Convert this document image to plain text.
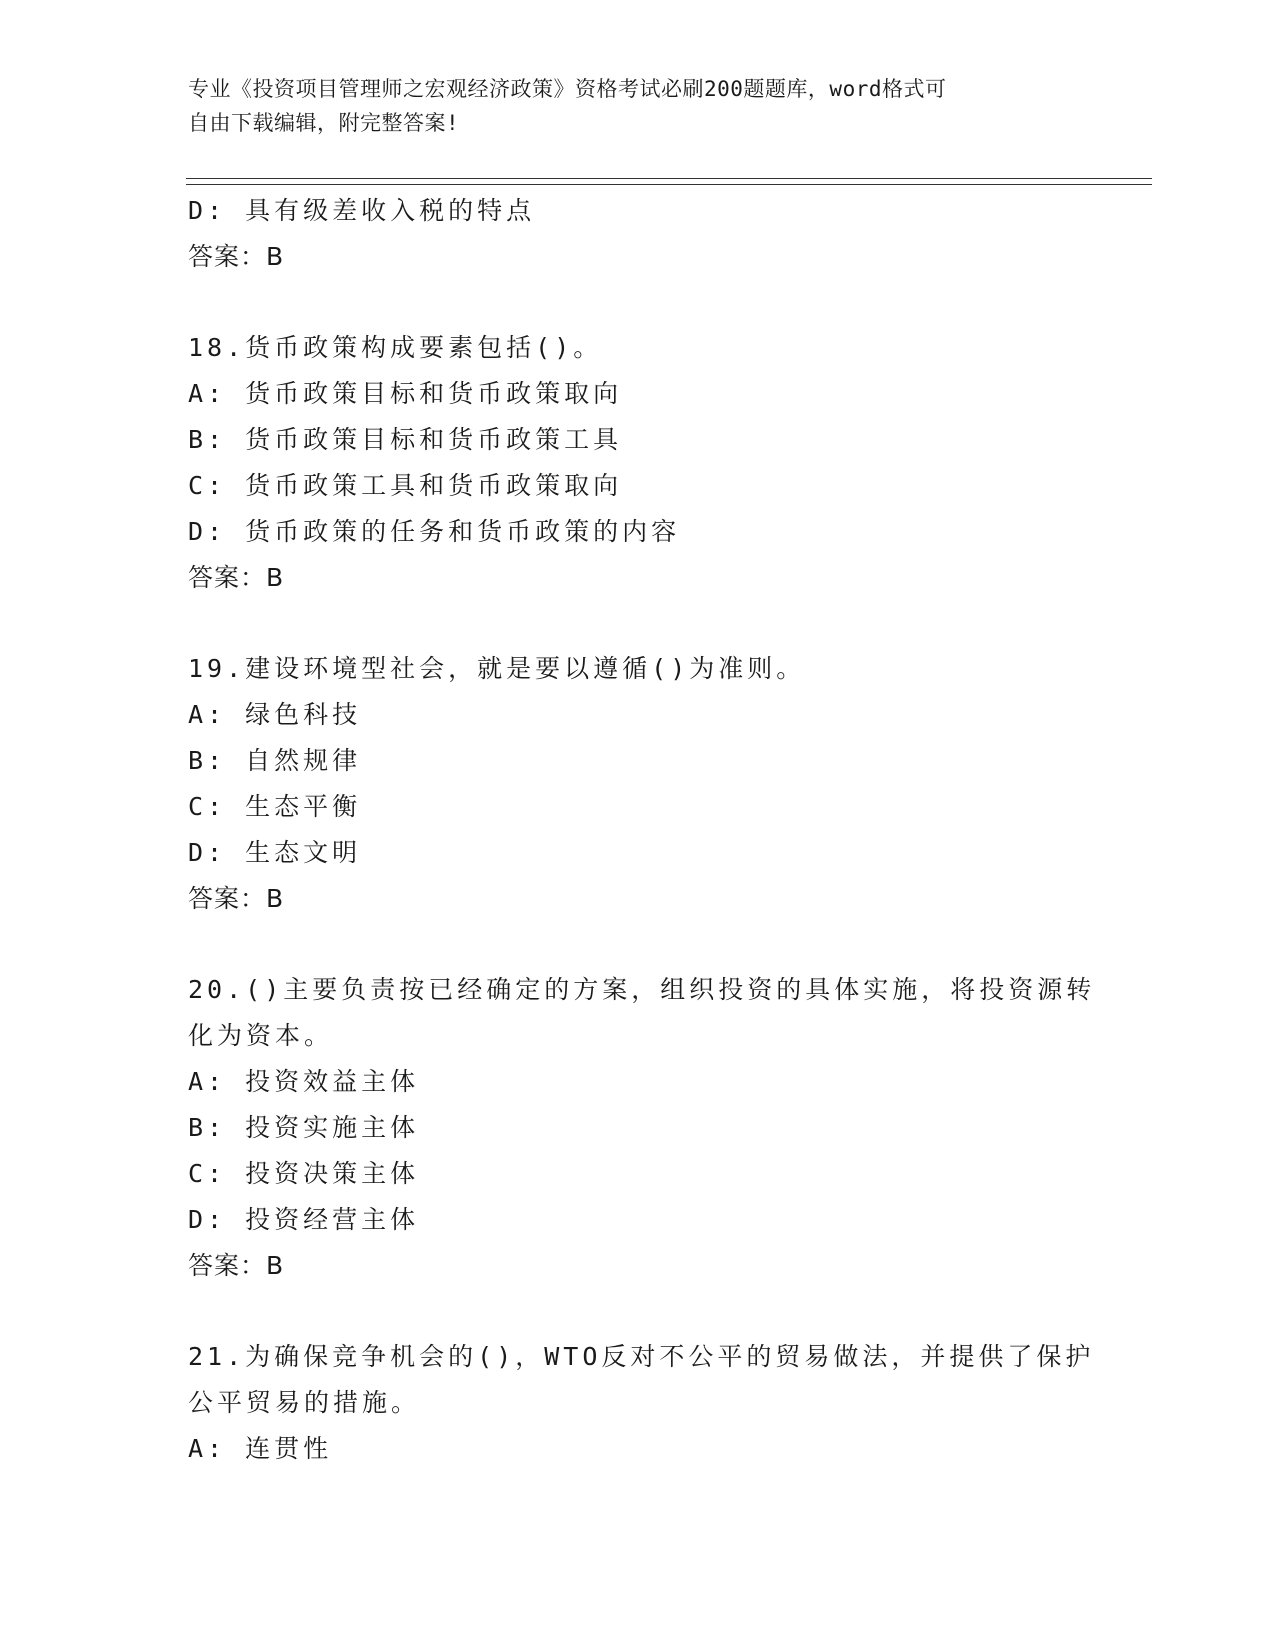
专业《投资项目管理师之宏观经济政策》资格考试必刷200题题库，word格式可
自由下载编辑，附完整答案!
D: 具有级差收入税的特点
答案：B
18.货币政策构成要素包括()。
A: 货币政策目标和货币政策取向
B: 货币政策目标和货币政策工具
C: 货币政策工具和货币政策取向
D: 货币政策的任务和货币政策的内容
答案：B
19.建设环境型社会，就是要以遵循()为准则。
A: 绿色科技
B: 自然规律
C: 生态平衡
D: 生态文明
答案：B
20.()主要负责按已经确定的方案，组织投资的具体实施，将投资源转
化为资本。
A: 投资效益主体
B: 投资实施主体
C: 投资决策主体
D: 投资经营主体
答案：B
21.为确保竞争机会的()，WTO反对不公平的贸易做法，并提供了保护
公平贸易的措施。
A: 连贯性
